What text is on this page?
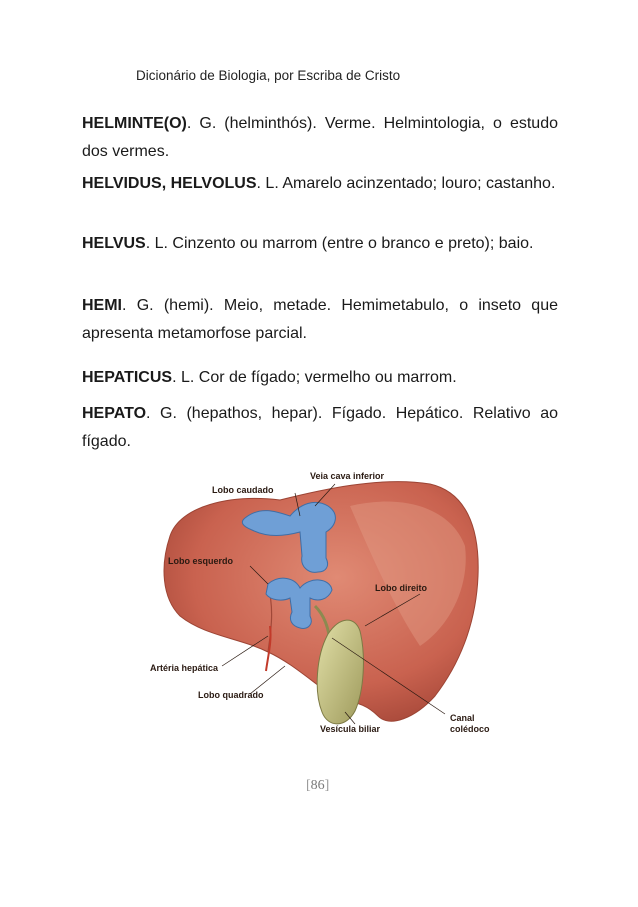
Dicionário de Biologia, por Escriba de Cristo
HELMINTE(O). G. (helminthós). Verme. Helmintologia, o estudo dos vermes.
HELVIDUS, HELVOLUS. L. Amarelo acinzentado; louro; castanho.
HELVUS. L. Cinzento ou marrom (entre o branco e preto); baio.
HEMI. G. (hemi). Meio, metade. Hemimetabulo, o inseto que apresenta metamorfose parcial.
HEPATICUS. L. Cor de fígado; vermelho ou marrom.
HEPATO. G. (hepathos, hepar). Fígado. Hepático. Relativo ao fígado.
Veia cava inferior
Lobo caudado
Lobo esquerdo
Lobo direito
Artéria hepática
Lobo quadrado
Vesícula biliar
Canal
colédoco
[86]
